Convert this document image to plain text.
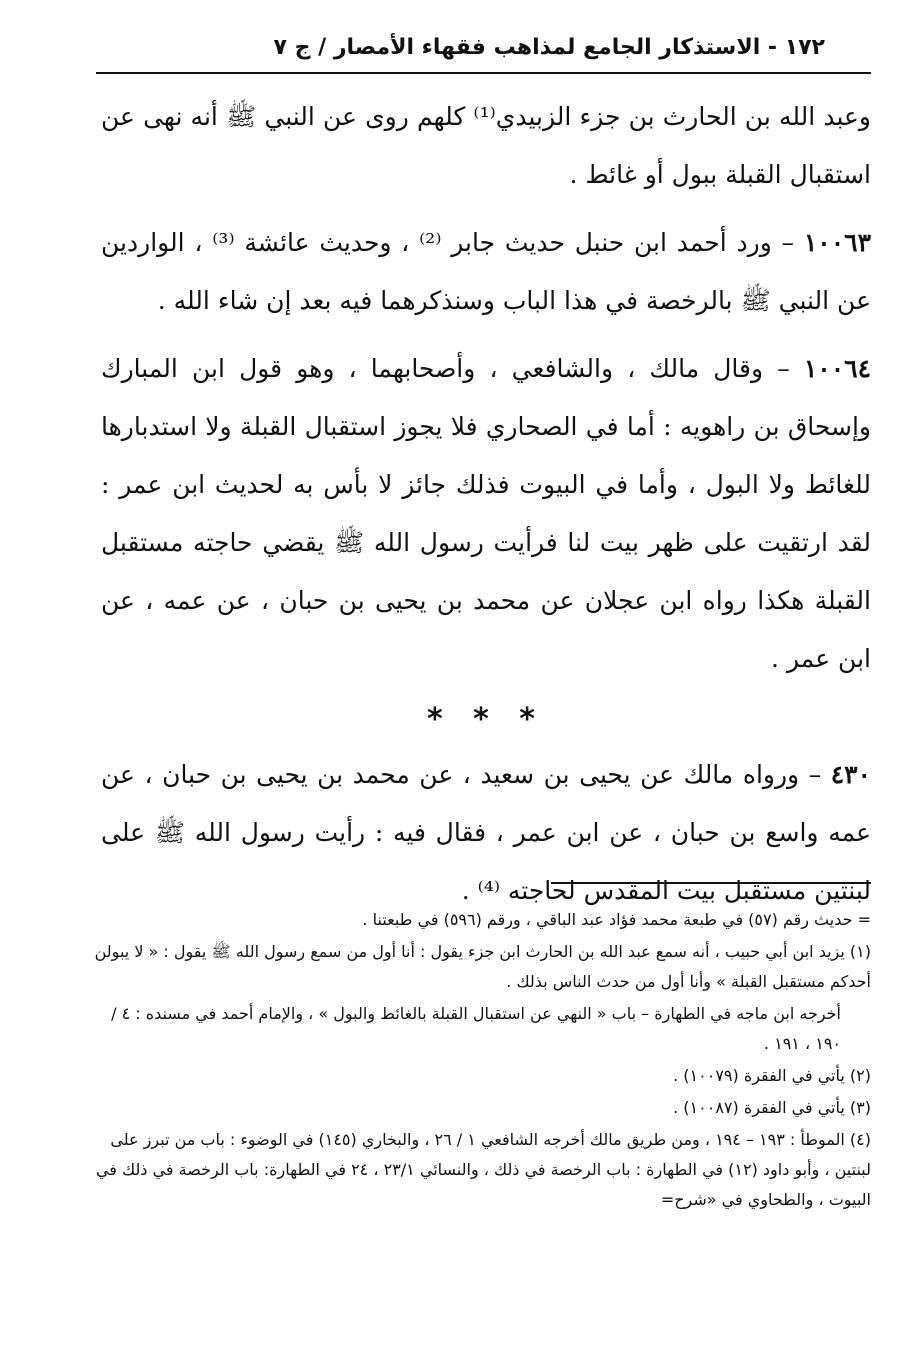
١٧٢ - الاستذكار الجامع لمذاهب فقهاء الأمصار / ج ٧

وعبد الله بن الحارث بن جزء الزبيدي⁽¹⁾ كلهم روى عن النبي ﷺ أنه نهى عن استقبال القبلة ببول أو غائط .

١٠٠٦٣ – ورد أحمد ابن حنبل حديث جابر ⁽²⁾ ، وحديث عائشة ⁽³⁾ ، الواردين عن النبي ﷺ بالرخصة في هذا الباب وسنذكرهما فيه بعد إن شاء الله .

١٠٠٦٤ – وقال مالك ، والشافعي ، وأصحابهما ، وهو قول ابن المبارك وإسحاق بن راهويه : أما في الصحاري فلا يجوز استقبال القبلة ولا استدبارها للغائط ولا البول ، وأما في البيوت فذلك جائز لا بأس به لحديث ابن عمر : لقد ارتقيت على ظهر بيت لنا فرأيت رسول الله ﷺ يقضي حاجته مستقبل القبلة هكذا رواه ابن عجلان عن محمد بن يحيى بن حبان ، عن عمه ، عن ابن عمر .

* * *

٤٣٠ – ورواه مالك عن يحيى بن سعيد ، عن محمد بن يحيى بن حبان ، عن عمه واسع بن حبان ، عن ابن عمر ، فقال فيه : رأيت رسول الله ﷺ على لبنتين مستقبل بيت المقدس لحاجته ⁽⁴⁾ .

= حديث رقم (٥٧) في طبعة محمد فؤاد عبد الباقي ، ورقم (٥٩٦) في طبعتنا .

(١) يزيد ابن أبي حبيب ، أنه سمع عبد الله بن الحارث ابن جزء يقول : أنا أول من سمع رسول الله ﷺ يقول : « لا يبولن أحدكم مستقبل القبلة » وأنا أول من حدث الناس بذلك .

أخرجه ابن ماجه في الطهارة – باب « النهي عن استقبال القبلة بالغائط والبول » ، والإمام أحمد في مسنده : ٤ / ١٩٠ ، ١٩١ .

(٢) يأتي في الفقرة (١٠٠٧٩) .

(٣) يأتي في الفقرة (١٠٠٨٧) .

(٤) الموطأ : ١٩٣ – ١٩٤ ، ومن طريق مالك أخرجه الشافعي ١ / ٢٦ ، والبخاري (١٤٥) في الوضوء : باب من تبرز على لبنتين ، وأبو داود (١٢) في الطهارة : باب الرخصة في ذلك ، والنسائي ٢٣/١ ، ٢٤ في الطهارة: باب الرخصة في ذلك في البيوت ، والطحاوي في «شرح=
